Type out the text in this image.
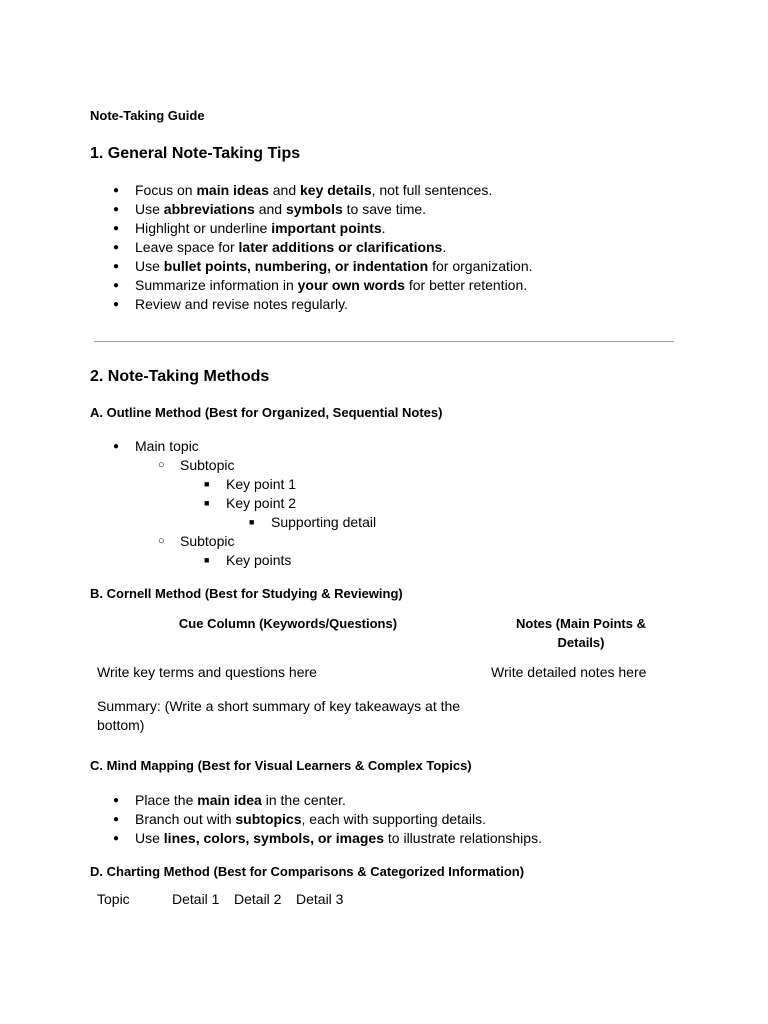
Note-Taking Guide
1. General Note-Taking Tips
● Focus on main ideas and key details, not full sentences.
● Use abbreviations and symbols to save time.
● Highlight or underline important points.
● Leave space for later additions or clarifications.
● Use bullet points, numbering, or indentation for organization.
● Summarize information in your own words for better retention.
● Review and revise notes regularly.
2. Note-Taking Methods
A. Outline Method (Best for Organized, Sequential Notes)
● Main topic
○ Subtopic
■ Key point 1
■ Key point 2
■ Supporting detail
○ Subtopic
■ Key points
B. Cornell Method (Best for Studying & Reviewing)
Cue Column (Keywords/Questions)	Notes (Main Points & Details)
Write key terms and questions here	Write detailed notes here
Summary: (Write a short summary of key takeaways at the bottom)
C. Mind Mapping (Best for Visual Learners & Complex Topics)
● Place the main idea in the center.
● Branch out with subtopics, each with supporting details.
● Use lines, colors, symbols, or images to illustrate relationships.
D. Charting Method (Best for Comparisons & Categorized Information)
Topic	Detail 1 Detail 2 Detail 3
